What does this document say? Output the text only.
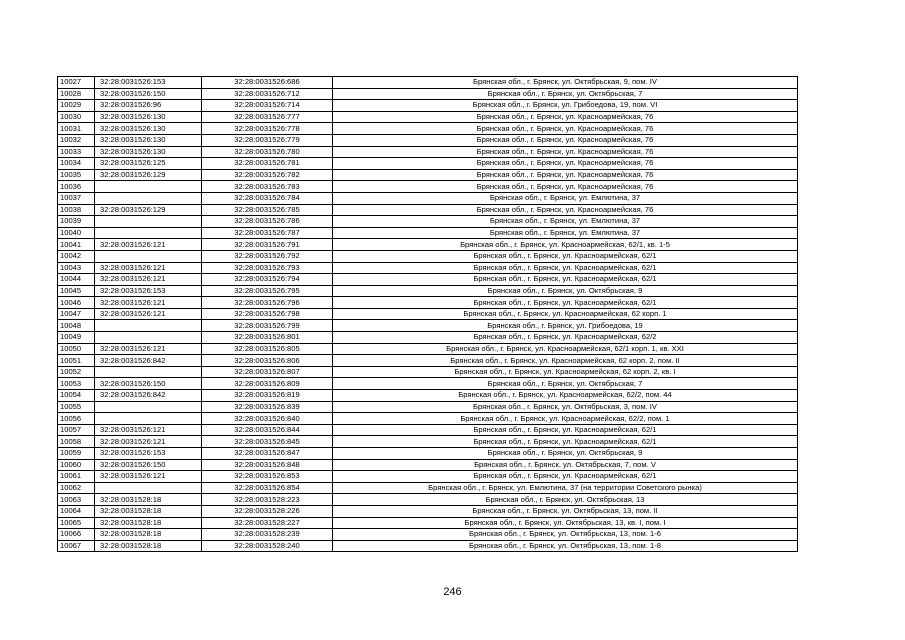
10027	32:28:0031526:153	32:28:0031526:686	Брянская обл., г. Брянск, ул. Октябрьская, 9, пом. IV
10028	32:28:0031526:150	32:28:0031526:712	Брянская обл., г. Брянск, ул. Октябрьская, 7
10029	32:28:0031526:96	32:28:0031526:714	Брянская обл., г. Брянск, ул. Грибоедова, 19, пом. VI
10030	32:28:0031526:130	32:28:0031526:777	Брянская обл., г. Брянск, ул. Красноармейская, 76
10031	32:28:0031526:130	32:28:0031526:778	Брянская обл., г. Брянск, ул. Красноармейская, 76
10032	32:28:0031526:130	32:28:0031526:779	Брянская обл., г. Брянск, ул. Красноармейская, 76
10033	32:28:0031526:130	32:28:0031526:780	Брянская обл., г. Брянск, ул. Красноармейская, 76
10034	32:28:0031526:125	32:28:0031526:781	Брянская обл., г. Брянск, ул. Красноармейская, 76
10035	32:28:0031526:129	32:28:0031526:782	Брянская обл., г. Брянск, ул. Красноармейская, 76
10036		32:28:0031526:783	Брянская обл., г. Брянск, ул. Красноармейская, 76
10037		32:28:0031526:784	Брянская обл., г. Брянск, ул. Емлютина, 37
10038	32:28:0031526:129	32:28:0031526:785	Брянская обл., г. Брянск, ул. Красноармейская, 76
10039		32:28:0031526:786	Брянская обл., г. Брянск, ул. Емлютина, 37
10040		32:28:0031526:787	Брянская обл., г. Брянск, ул. Емлютина, 37
10041	32:28:0031526:121	32:28:0031526:791	Брянская обл., г. Брянск, ул. Красноармейская, 62/1, кв. 1-5
10042		32:28:0031526:792	Брянская обл., г. Брянск, ул. Красноармейская, 62/1
10043	32:28:0031526:121	32:28:0031526:793	Брянская обл., г. Брянск, ул. Красноармейская, 62/1
10044	32:28:0031526:121	32:28:0031526:794	Брянская обл., г. Брянск, ул. Красноармейская, 62/1
10045	32:28:0031526:153	32:28:0031526:795	Брянская обл., г. Брянск, ул. Октябрьская, 9
10046	32:28:0031526:121	32:28:0031526:796	Брянская обл., г. Брянск, ул. Красноармейская, 62/1
10047	32:28:0031526:121	32:28:0031526:798	Брянская обл., г. Брянск, ул. Красноармейская, 62 корп. 1
10048		32:28:0031526:799	Брянская обл., г. Брянск, ул. Грибоедова, 19
10049		32:28:0031526:801	Брянская обл., г. Брянск, ул. Красноармейская, 62/2
10050	32:28:0031526:121	32:28:0031526:805	Брянская обл., г. Брянск, ул. Красноармейская, 62/1 корп. 1, кв. XXI
10051	32:28:0031526:842	32:28:0031526:806	Брянская обл., г. Брянск, ул. Красноармейская, 62 корп. 2, пом. II
10052		32:28:0031526:807	Брянская обл., г. Брянск, ул. Красноармейская, 62 корп. 2, кв. I
10053	32:28:0031526:150	32:28:0031526:809	Брянская обл., г. Брянск, ул. Октябрьская, 7
10054	32:28:0031526:842	32:28:0031526:819	Брянская обл., г. Брянск, ул. Красноармейская, 62/2, пом. 44
10055		32:28:0031526:839	Брянская обл., г. Брянск, ул. Октябрьская, 3, пом. IV
10056		32:28:0031526:840	Брянская обл., г. Брянск, ул. Красноармейская, 62/2, пом. 1
10057	32:28:0031526:121	32:28:0031526:844	Брянская обл., г. Брянск, ул. Красноармейская, 62/1
10058	32:28:0031526:121	32:28:0031526:845	Брянская обл., г. Брянск, ул. Красноармейская, 62/1
10059	32:28:0031526:153	32:28:0031526:847	Брянская обл., г. Брянск, ул. Октябрьская, 9
10060	32:28:0031526:150	32:28:0031526:848	Брянская обл., г. Брянск, ул. Октябрьская, 7, пом. V
10061	32:28:0031526:121	32:28:0031526:853	Брянская обл., г. Брянск, ул. Красноармейская, 62/1
10062		32:28:0031526:854	Брянская обл., г. Брянск, ул. Емлютина, 37 (на территории Советского рынка)
10063	32:28:0031528:18	32:28:0031528:223	Брянская обл., г. Брянск, ул. Октябрьская, 13
10064	32:28:0031528:18	32:28:0031528:226	Брянская обл., г. Брянск, ул. Октябрьская, 13, пом. II
10065	32:28:0031528:18	32:28:0031528:227	Брянская обл., г. Брянск, ул. Октябрьская, 13, кв. I, пом. I
10066	32:28:0031528:18	32:28:0031528:239	Брянская обл., г. Брянск, ул. Октябрьская, 13, пом. 1-6
10067	32:28:0031528:18	32:28:0031528:240	Брянская обл., г. Брянск, ул. Октябрьская, 13, пом. 1-8
246
